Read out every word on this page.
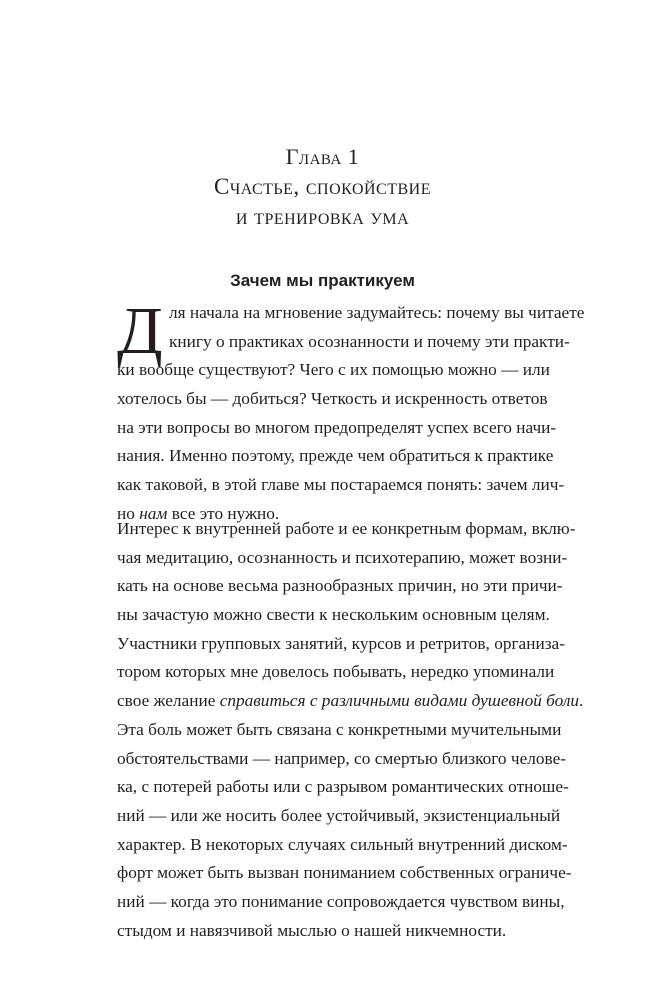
Глава 1
Счастье, спокойствие
и тренировка ума
Зачем мы практикуем
Д ля начала на мгновение задумайтесь: почему вы читаете
книгу о практиках осознанности и почему эти практи-
ки вообще существуют? Чего с их помощью можно — или
хотелось бы — добиться? Четкость и искренность ответов
на эти вопросы во многом предопределят успех всего начи-
нания. Именно поэтому, прежде чем обратиться к практике
как таковой, в этой главе мы постараемся понять: зачем лич-
но нам все это нужно.
Интерес к внутренней работе и ее конкретным формам, вклю-
чая медитацию, осознанность и психотерапию, может возни-
кать на основе весьма разнообразных причин, но эти причи-
ны зачастую можно свести к нескольким основным целям.
Участники групповых занятий, курсов и ретритов, организа-
тором которых мне довелось побывать, нередко упоминали
свое желание справиться с различными видами душевной боли.
Эта боль может быть связана с конкретными мучительными
обстоятельствами — например, со смертью близкого челове-
ка, с потерей работы или с разрывом романтических отноше-
ний — или же носить более устойчивый, экзистенциальный
характер. В некоторых случаях сильный внутренний диском-
форт может быть вызван пониманием собственных ограниче-
ний — когда это понимание сопровождается чувством вины,
стыдом и навязчивой мыслью о нашей никчемности.
